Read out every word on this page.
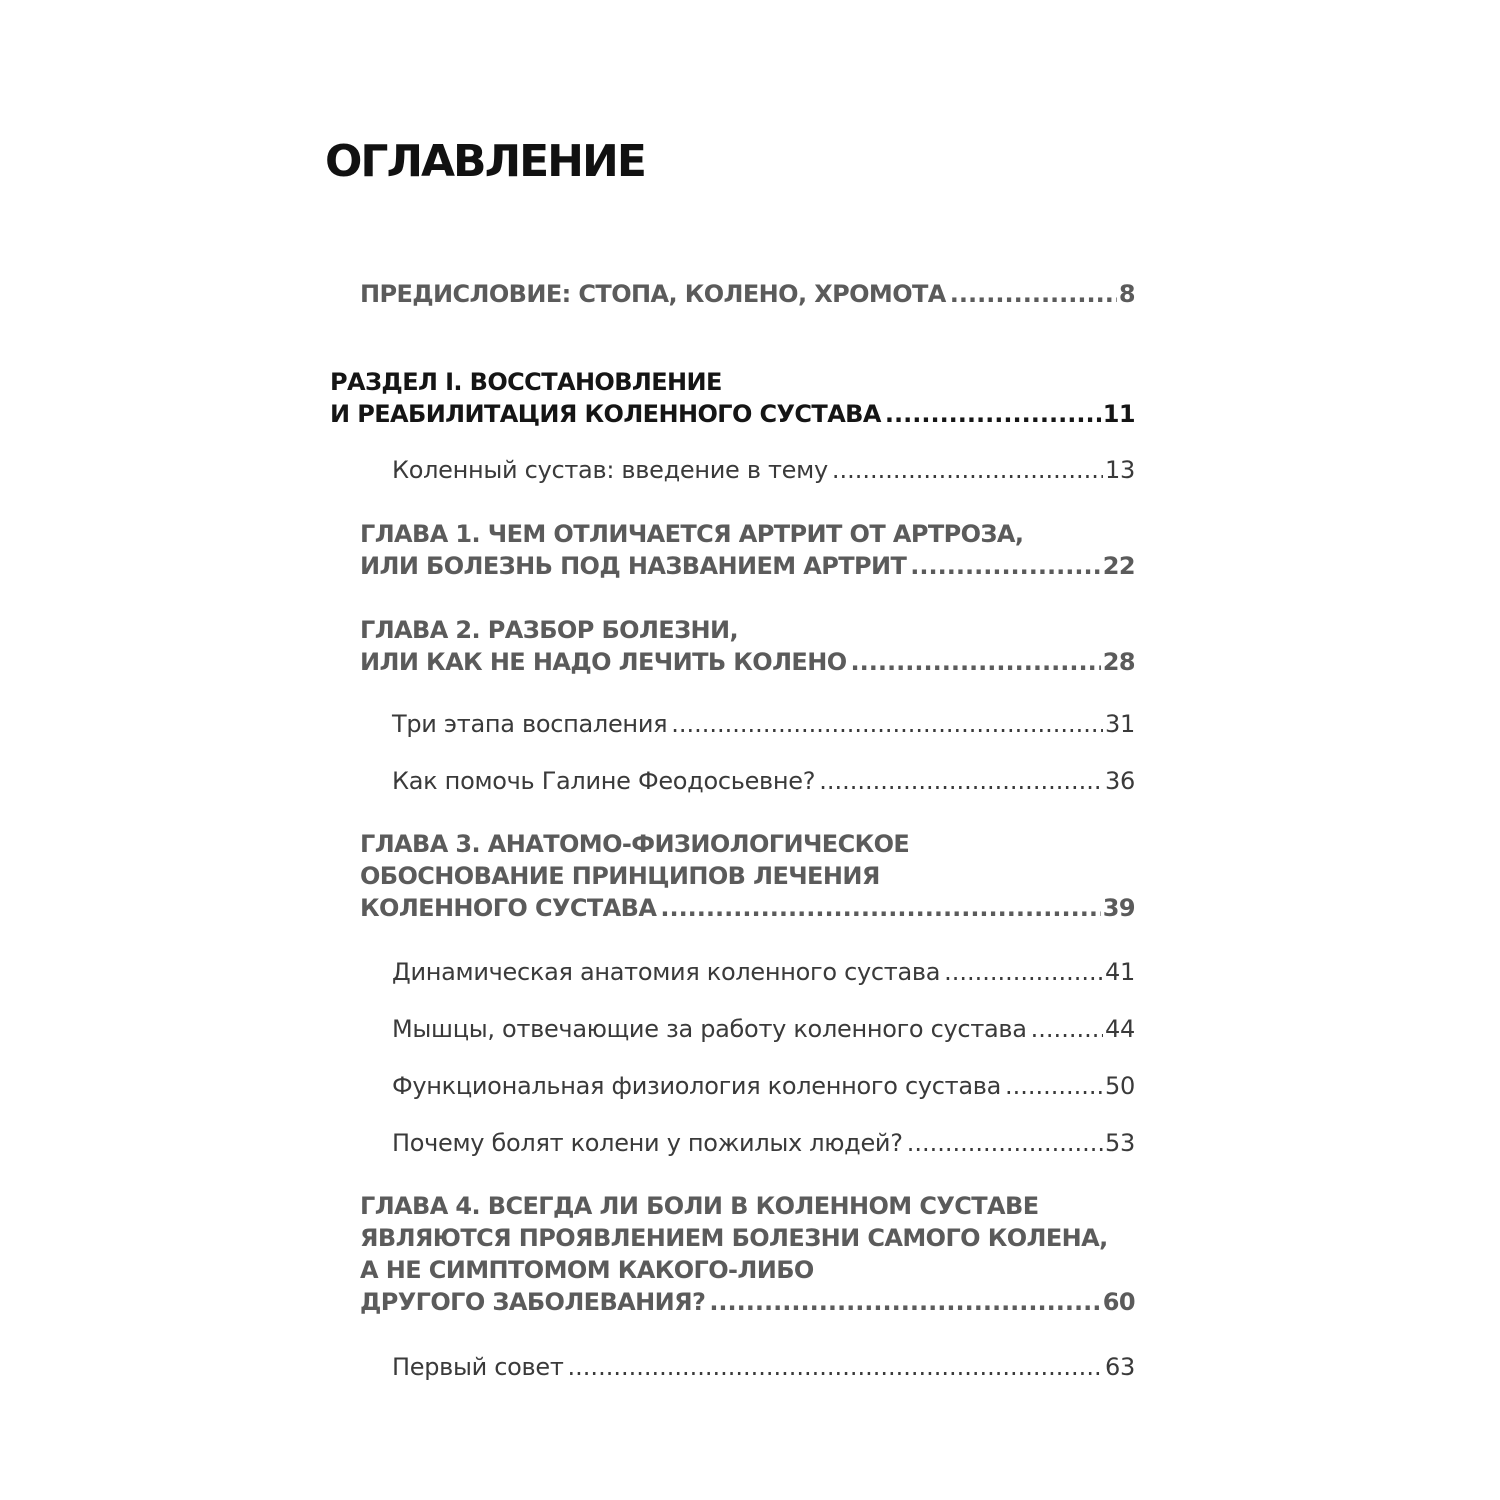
ОГЛАВЛЕНИЕ
ПРЕДИСЛОВИЕ: СТОПА, КОЛЕНО, ХРОМОТА .....	8
РАЗДЕЛ I. ВОССТАНОВЛЕНИЕ
И РЕАБИЛИТАЦИЯ КОЛЕННОГО СУСТАВА .....	11
Коленный сустав: введение в тему .....	13
ГЛАВА 1. ЧЕМ ОТЛИЧАЕТСЯ АРТРИТ ОТ АРТРОЗА,
ИЛИ БОЛЕЗНЬ ПОД НАЗВАНИЕМ АРТРИТ .....	22
ГЛАВА 2. РАЗБОР БОЛЕЗНИ,
ИЛИ КАК НЕ НАДО ЛЕЧИТЬ КОЛЕНО .....	28
Три этапа воспаления .....	31
Как помочь Галине Феодосьевне? .....	36
ГЛАВА 3. АНАТОМО-ФИЗИОЛОГИЧЕСКОЕ
ОБОСНОВАНИЕ ПРИНЦИПОВ ЛЕЧЕНИЯ
КОЛЕННОГО СУСТАВА .....	39
Динамическая анатомия коленного сустава .....	41
Мышцы, отвечающие за работу коленного сустава .....	44
Функциональная физиология коленного сустава .....	50
Почему болят колени у пожилых людей? .....	53
ГЛАВА 4. ВСЕГДА ЛИ БОЛИ В КОЛЕННОМ СУСТАВЕ
ЯВЛЯЮТСЯ ПРОЯВЛЕНИЕМ БОЛЕЗНИ САМОГО КОЛЕНА,
А НЕ СИМПТОМОМ КАКОГО-ЛИБО
ДРУГОГО ЗАБОЛЕВАНИЯ? .....	60
Первый совет .....	63
